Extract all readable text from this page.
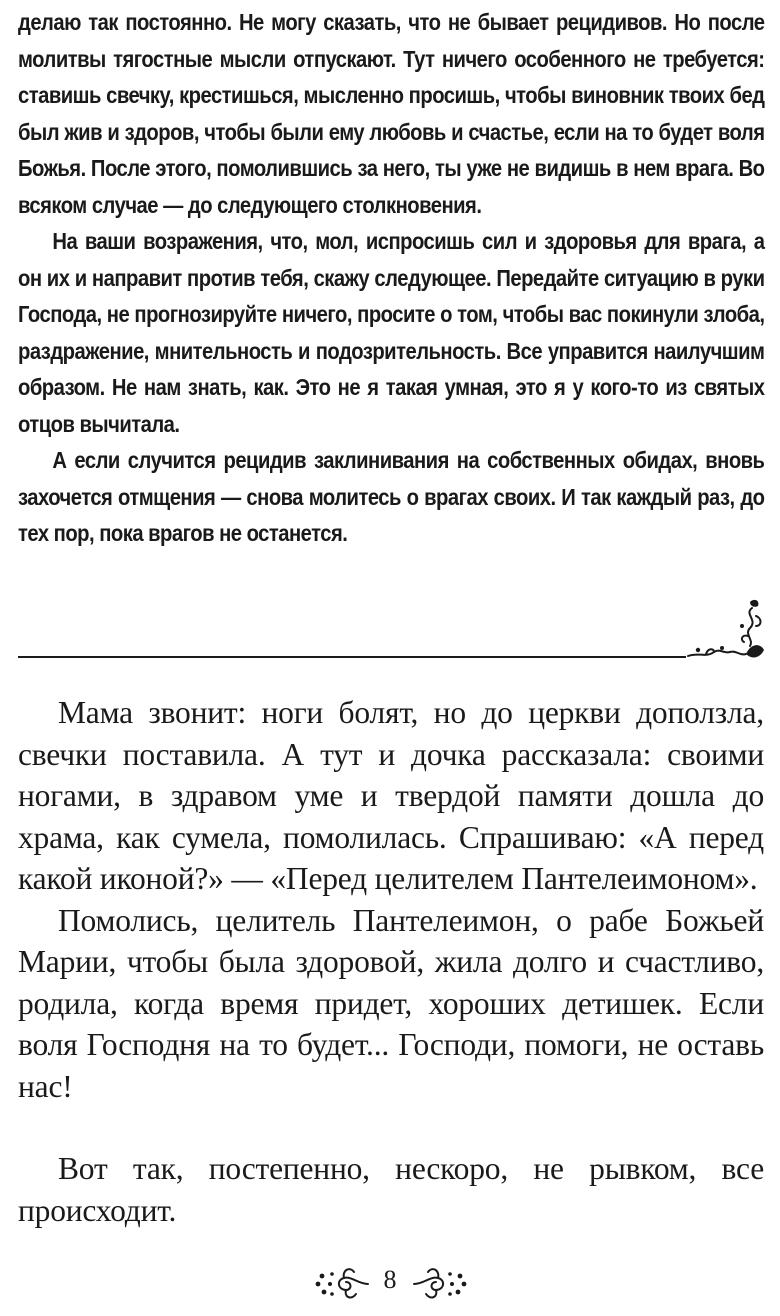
делаю так постоянно. Не могу сказать, что не бывает рецидивов. Но после молитвы тягостные мысли отпускают. Тут ничего особенного не требуется: ставишь свечку, крестишься, мысленно просишь, чтобы виновник твоих бед был жив и здоров, чтобы были ему любовь и счастье, если на то будет воля Божья. После этого, помолившись за него, ты уже не видишь в нем врага. Во всяком случае — до следующего столкновения.

На ваши возражения, что, мол, испросишь сил и здоровья для врага, а он их и направит против тебя, скажу следующее. Передайте ситуацию в руки Господа, не прогнозируйте ничего, просите о том, чтобы вас покинули злоба, раздражение, мнительность и подозрительность. Все управится наилучшим образом. Не нам знать, как. Это не я такая умная, это я у кого-то из святых отцов вычитала.

А если случится рецидив заклинивания на собственных обидах, вновь захочется отмщения — снова молитесь о врагах своих. И так каждый раз, до тех пор, пока врагов не останется.

Мама звонит: ноги болят, но до церкви доползла, свечки поставила. А тут и дочка рассказала: своими ногами, в здравом уме и твердой памяти дошла до храма, как сумела, помолилась. Спрашиваю: «А перед какой иконой?» — «Перед целителем Пантелеимоном».

Помолись, целитель Пантелеимон, о рабе Божьей Марии, чтобы была здоровой, жила долго и счастливо, родила, когда время придет, хороших детишек. Если воля Господня на то будет... Господи, помоги, не оставь нас!

Вот так, постепенно, нескоро, не рывком, все происходит.

8
